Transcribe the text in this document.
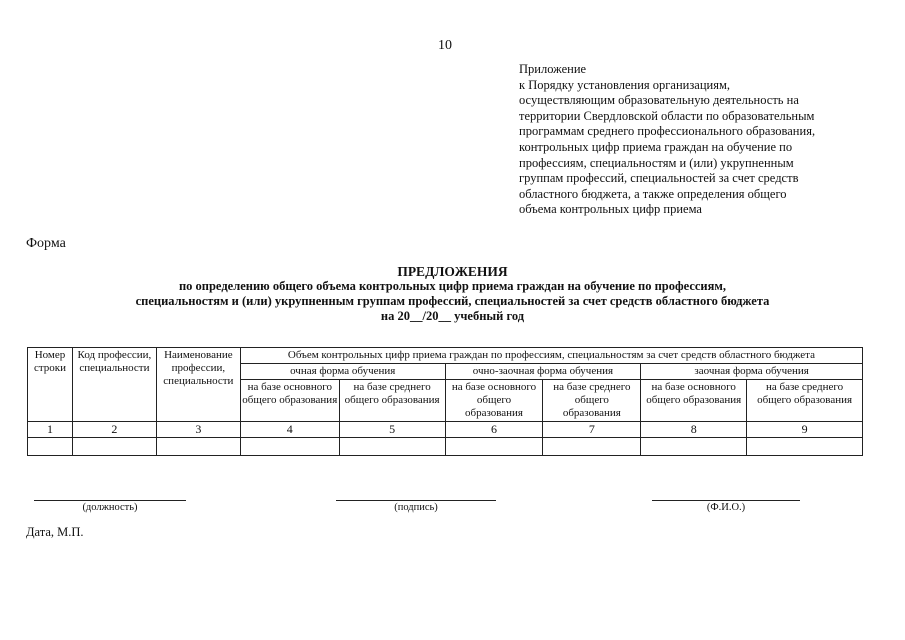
10
Приложение
к Порядку установления организациям,
осуществляющим образовательную деятельность на
территории Свердловской области по образовательным
программам среднего профессионального образования,
контрольных цифр приема граждан на обучение по
профессиям, специальностям и (или) укрупненным
группам профессий, специальностей за счет средств
областного бюджета, а также определения общего
объема контрольных цифр приема
Форма
ПРЕДЛОЖЕНИЯ
по определению общего объема контрольных цифр приема граждан на обучение по профессиям,
специальностям и (или) укрупненным группам профессий, специальностей за счет средств областного бюджета
на 20__/20__ учебный год
Номер строки	Код профессии, специальности	Наименование профессии, специальности	Объем контрольных цифр приема граждан по профессиям, специальностям за счет средств областного бюджета					
			очная форма обучения		очно-заочная форма обучения		заочная форма обучения	
			на базе основного общего образования	на базе среднего общего образования	на базе основного общего образования	на базе среднего общего образования	на базе основного общего образования	на базе среднего общего образования
1	2	3	4	5	6	7	8	9

(должность)	(подпись)	(Ф.И.О.)
Дата, М.П.
